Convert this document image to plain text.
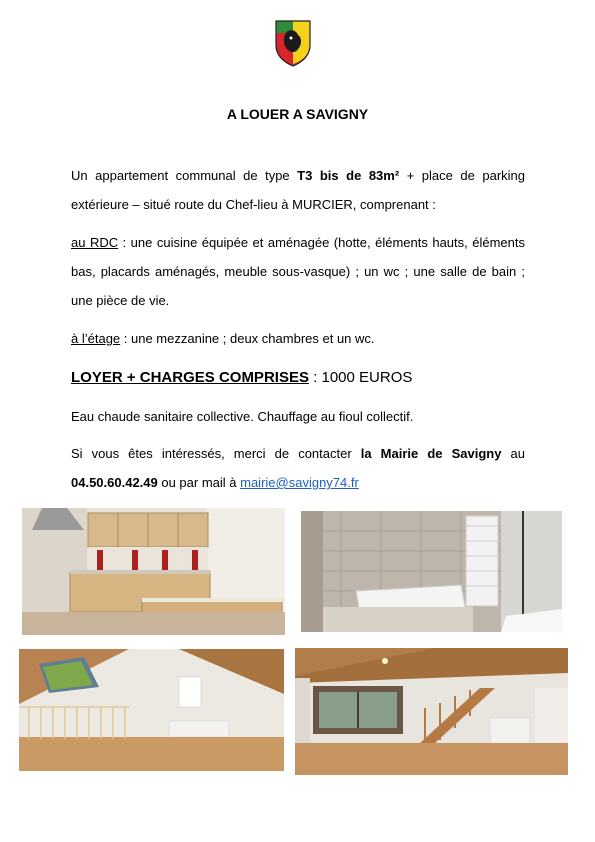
A LOUER A SAVIGNY
Un appartement communal de type T3 bis de 83m² + place de parking extérieure – situé route du Chef-lieu à MURCIER, comprenant :
au RDC : une cuisine équipée et aménagée (hotte, éléments hauts, éléments bas, placards aménagés, meuble sous-vasque) ; un wc ; une salle de bain ; une pièce de vie.
à l’étage : une mezzanine ; deux chambres et un wc.
LOYER + CHARGES COMPRISES : 1000 EUROS
Eau chaude sanitaire collective. Chauffage au fioul collectif.
Si vous êtes intéressés, merci de contacter la Mairie de Savigny au 04.50.60.42.49 ou par mail à mairie@savigny74.fr
